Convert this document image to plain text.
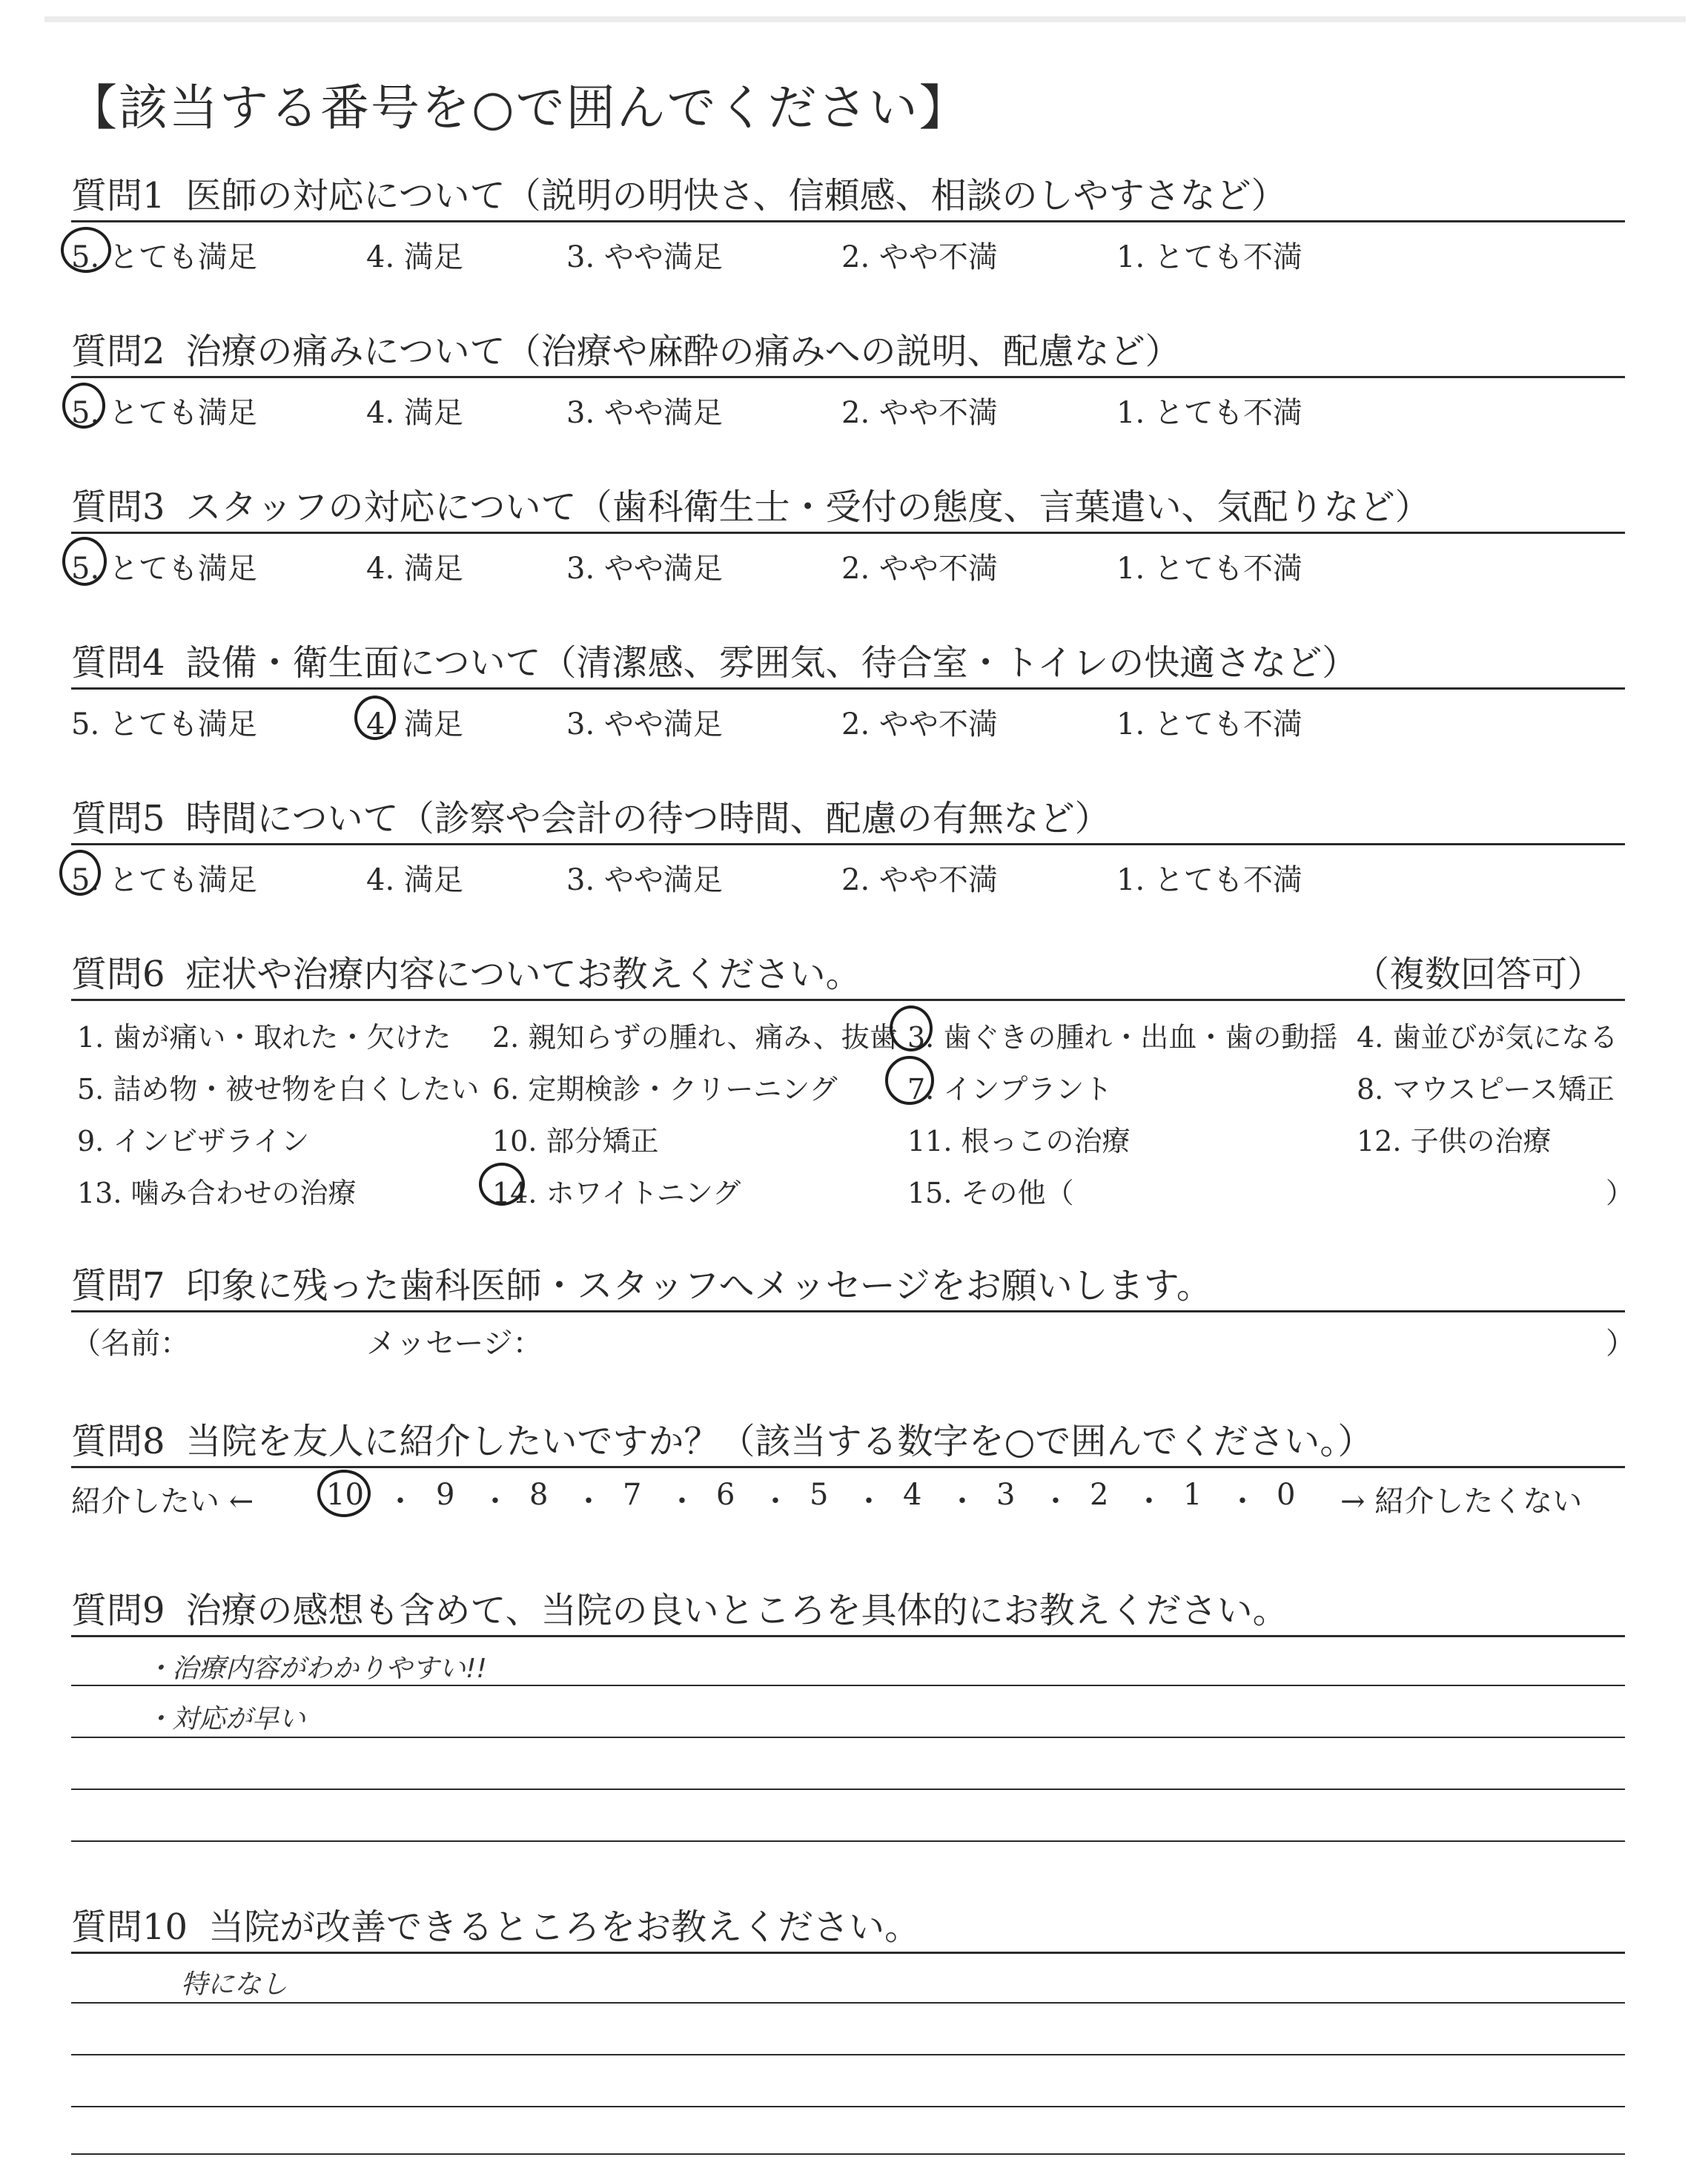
【該当する番号を○で囲んでください】
質問1 医師の対応について（説明の明快さ、信頼感、相談のしやすさなど）
5. とても満足	4. 満足	3. やや満足	2. やや不満	1. とても不満
質問2 治療の痛みについて（治療や麻酔の痛みへの説明、配慮など）
5. とても満足	4. 満足	3. やや満足	2. やや不満	1. とても不満
質問3 スタッフの対応について（歯科衛生士・受付の態度、言葉遣い、気配りなど）
5. とても満足	4. 満足	3. やや満足	2. やや不満	1. とても不満
質問4 設備・衛生面について（清潔感、雰囲気、待合室・トイレの快適さなど）
5. とても満足	4. 満足	3. やや満足	2. やや不満	1. とても不満
質問5 時間について（診察や会計の待つ時間、配慮の有無など）
5. とても満足	4. 満足	3. やや満足	2. やや不満	1. とても不満
質問6 症状や治療内容についてお教えください。	（複数回答可）
1. 歯が痛い・取れた・欠けた 2. 親知らずの腫れ、痛み、抜歯 3. 歯ぐきの腫れ・出血・歯の動揺 4. 歯並びが気になる
5. 詰め物・被せ物を白くしたい 6. 定期検診・クリーニング 7. インプラント	8. マウスピース矯正
9. インビザライン	10. 部分矯正	11. 根っこの治療	12. 子供の治療
13. 噛み合わせの治療	14. ホワイトニング	15. その他（	）
質問7 印象に残った歯科医師・スタッフへメッセージをお願いします。
（名前：	メッセージ：	）
質問8 当院を友人に紹介したいですか？（該当する数字を○で囲んでください。）
紹介したい ← 10 ・ 9 ・ 8 ・ 7 ・ 6 ・ 5 ・ 4 ・ 3 ・ 2 ・ 1 ・ 0 → 紹介したくない
質問9 治療の感想も含めて、当院の良いところを具体的にお教えください。
・治療内容がわかりやすい!!
・対応が早い
質問10 当院が改善できるところをお教えください。
特になし
